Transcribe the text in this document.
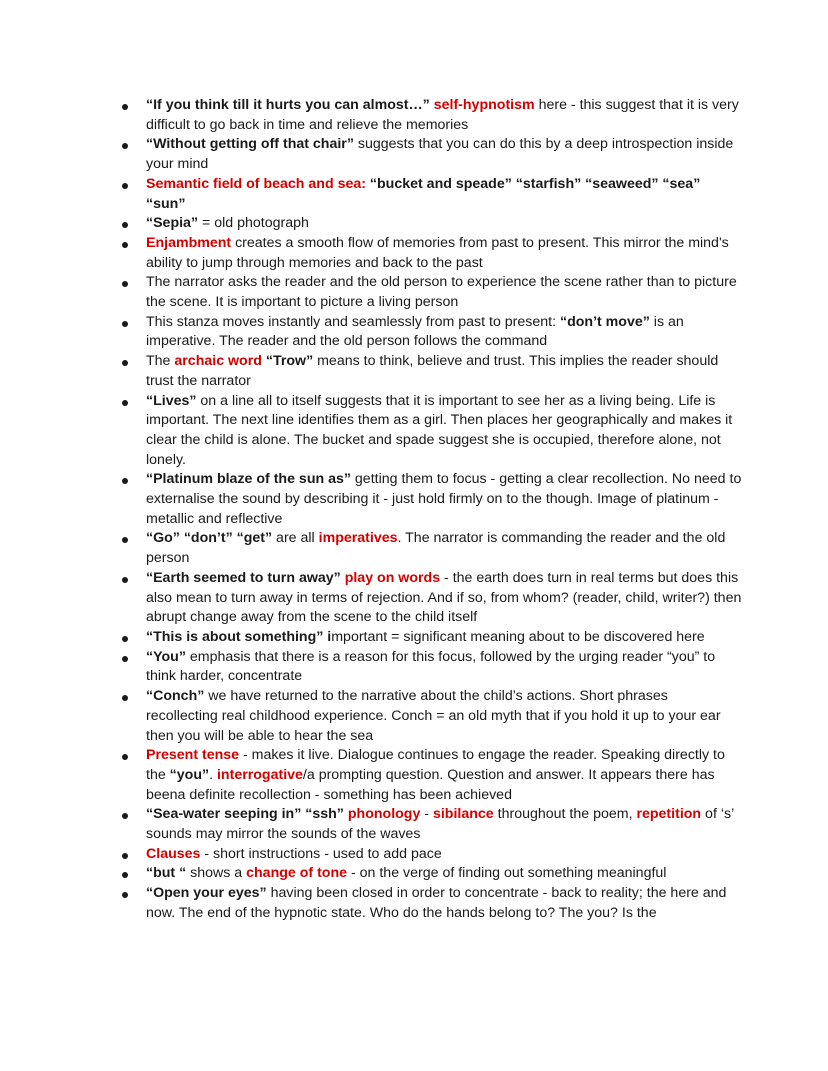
“If you think till it hurts you can almost…” self-hypnotism here - this suggest that it is very difficult to go back in time and relieve the memories
“Without getting off that chair” suggests that you can do this by a deep introspection inside your mind
Semantic field of beach and sea: “bucket and speade” “starfish” “seaweed” “sea” “sun”
“Sepia” = old photograph
Enjambment creates a smooth flow of memories from past to present. This mirror the mind's ability to jump through memories and back to the past
The narrator asks the reader and the old person to experience the scene rather than to picture the scene. It is important to picture a living person
This stanza moves instantly and seamlessly from past to present: “don’t move” is an imperative. The reader and the old person follows the command
The archaic word “Trow” means to think, believe and trust. This implies the reader should trust the narrator
“Lives” on a line all to itself suggests that it is important to see her as a living being. Life is important. The next line identifies them as a girl. Then places her geographically and makes it clear the child is alone. The bucket and spade suggest she is occupied, therefore alone, not lonely.
“Platinum blaze of the sun as” getting them to focus - getting a clear recollection. No need to externalise the sound by describing it - just hold firmly on to the though. Image of platinum - metallic and reflective
“Go” “don’t” “get” are all imperatives. The narrator is commanding the reader and the old person
“Earth seemed to turn away” play on words - the earth does turn in real terms but does this also mean to turn away in terms of rejection. And if so, from whom? (reader, child, writer?) then abrupt change away from the scene to the child itself
“This is about something” important = significant meaning about to be discovered here
“You” emphasis that there is a reason for this focus, followed by the urging reader “you” to think harder, concentrate
“Conch” we have returned to the narrative about the child’s actions. Short phrases recollecting real childhood experience. Conch = an old myth that if you hold it up to your ear then you will be able to hear the sea
Present tense - makes it live. Dialogue continues to engage the reader. Speaking directly to the “you”. interrogative/a prompting question. Question and answer. It appears there has beena definite recollection - something has been achieved
“Sea-water seeping in” “ssh” phonology - sibilance throughout the poem, repetition of ‘s’ sounds may mirror the sounds of the waves
Clauses - short instructions - used to add pace
“but “ shows a change of tone - on the verge of finding out something meaningful
“Open your eyes” having been closed in order to concentrate - back to reality; the here and now. The end of the hypnotic state. Who do the hands belong to? The you? Is the
